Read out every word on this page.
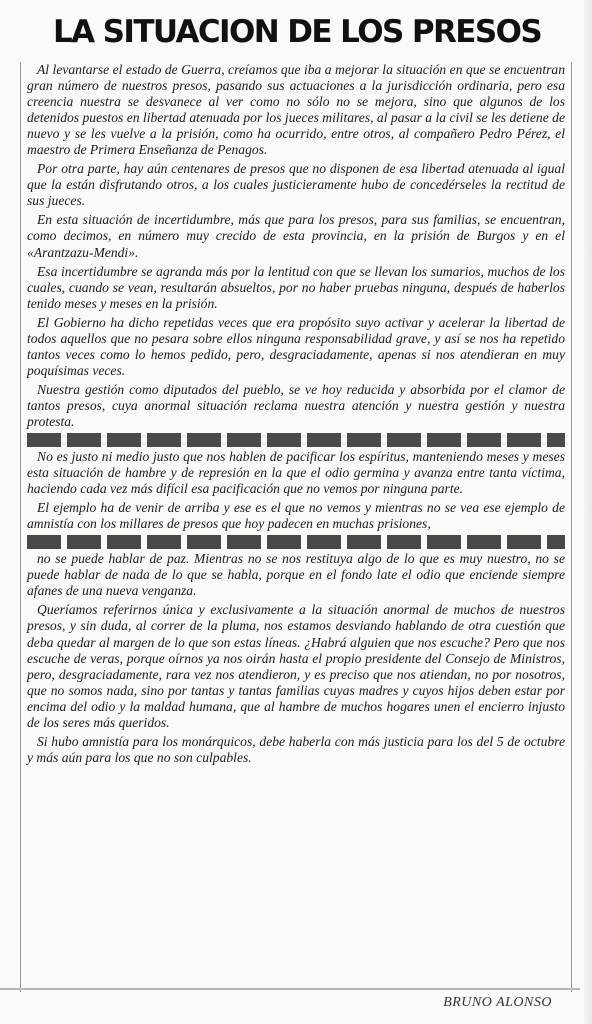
LA SITUACION DE LOS PRESOS

Al levantarse el estado de Guerra, creíamos que iba a mejorar la situación en que se encuentran gran número de nuestros presos, pasando sus actuaciones a la jurisdicción ordinaria, pero esa creencia nuestra se desvanece al ver como no sólo no se mejora, sino que algunos de los detenidos puestos en libertad atenuada por los jueces militares, al pasar a la civil se les detiene de nuevo y se les vuelve a la prisión, como ha ocurrido, entre otros, al compañero Pedro Pérez, el maestro de Primera Enseñanza de Penagos.

Por otra parte, hay aún centenares de presos que no disponen de esa libertad atenuada al igual que la están disfrutando otros, a los cuales justicieramente hubo de concedérseles la rectitud de sus jueces.

En esta situación de incertidumbre, más que para los presos, para sus familias, se encuentran, como decimos, en número muy crecido de esta provincia, en la prisión de Burgos y en el «Arantzazu-Mendi».

Esa incertidumbre se agranda más por la lentitud con que se llevan los sumarios, muchos de los cuales, cuando se vean, resultarán absueltos, por no haber pruebas ninguna, después de haberlos tenido meses y meses en la prisión.

El Gobierno ha dicho repetidas veces que era propósito suyo activar y acelerar la libertad de todos aquellos que no pesara sobre ellos ninguna responsabilidad grave, y así se nos ha repetido tantos veces como lo hemos pedido, pero, desgraciadamente, apenas si nos atendieran en muy poquísimas veces.

Nuestra gestión como diputados del pueblo, se ve hoy reducida y absorbida por el clamor de tantos presos, cuya anormal situación reclama nuestra atención y nuestra gestión y nuestra protesta.

No es justo ni medio justo que nos hablen de pacificar los espíritus, manteniendo meses y meses esta situación de hambre y de represión en la que el odio germina y avanza entre tanta víctima, haciendo cada vez más difícil esa pacificación que no vemos por ninguna parte.

El ejemplo ha de venir de arriba y ese es el que no vemos y mientras no se vea ese ejemplo de amnistía con los millares de presos que hoy padecen en muchas prisiones,

no se puede hablar de paz. Mientras no se nos restituya algo de lo que es muy nuestro, no se puede hablar de nada de lo que se habla, porque en el fondo late el odio que enciende siempre afanes de una nueva venganza.

Queríamos referirnos única y exclusivamente a la situación anormal de muchos de nuestros presos, y sin duda, al correr de la pluma, nos estamos desviando hablando de otra cuestión que deba quedar al margen de lo que son estas líneas. ¿Habrá alguien que nos escuche? Pero que nos escuche de veras, porque oírnos ya nos oirán hasta el propio presidente del Consejo de Ministros, pero, desgraciadamente, rara vez nos atendieron, y es preciso que nos atiendan, no por nosotros, que no somos nada, sino por tantas y tantas familias cuyas madres y cuyos hijos deben estar por encima del odio y la maldad humana, que al hambre de muchos hogares unen el encierro injusto de los seres más queridos.

Si hubo amnistía para los monárquicos, debe haberla con más justicia para los del 5 de octubre y más aún para los que no son culpables.

BRUNO ALONSO
